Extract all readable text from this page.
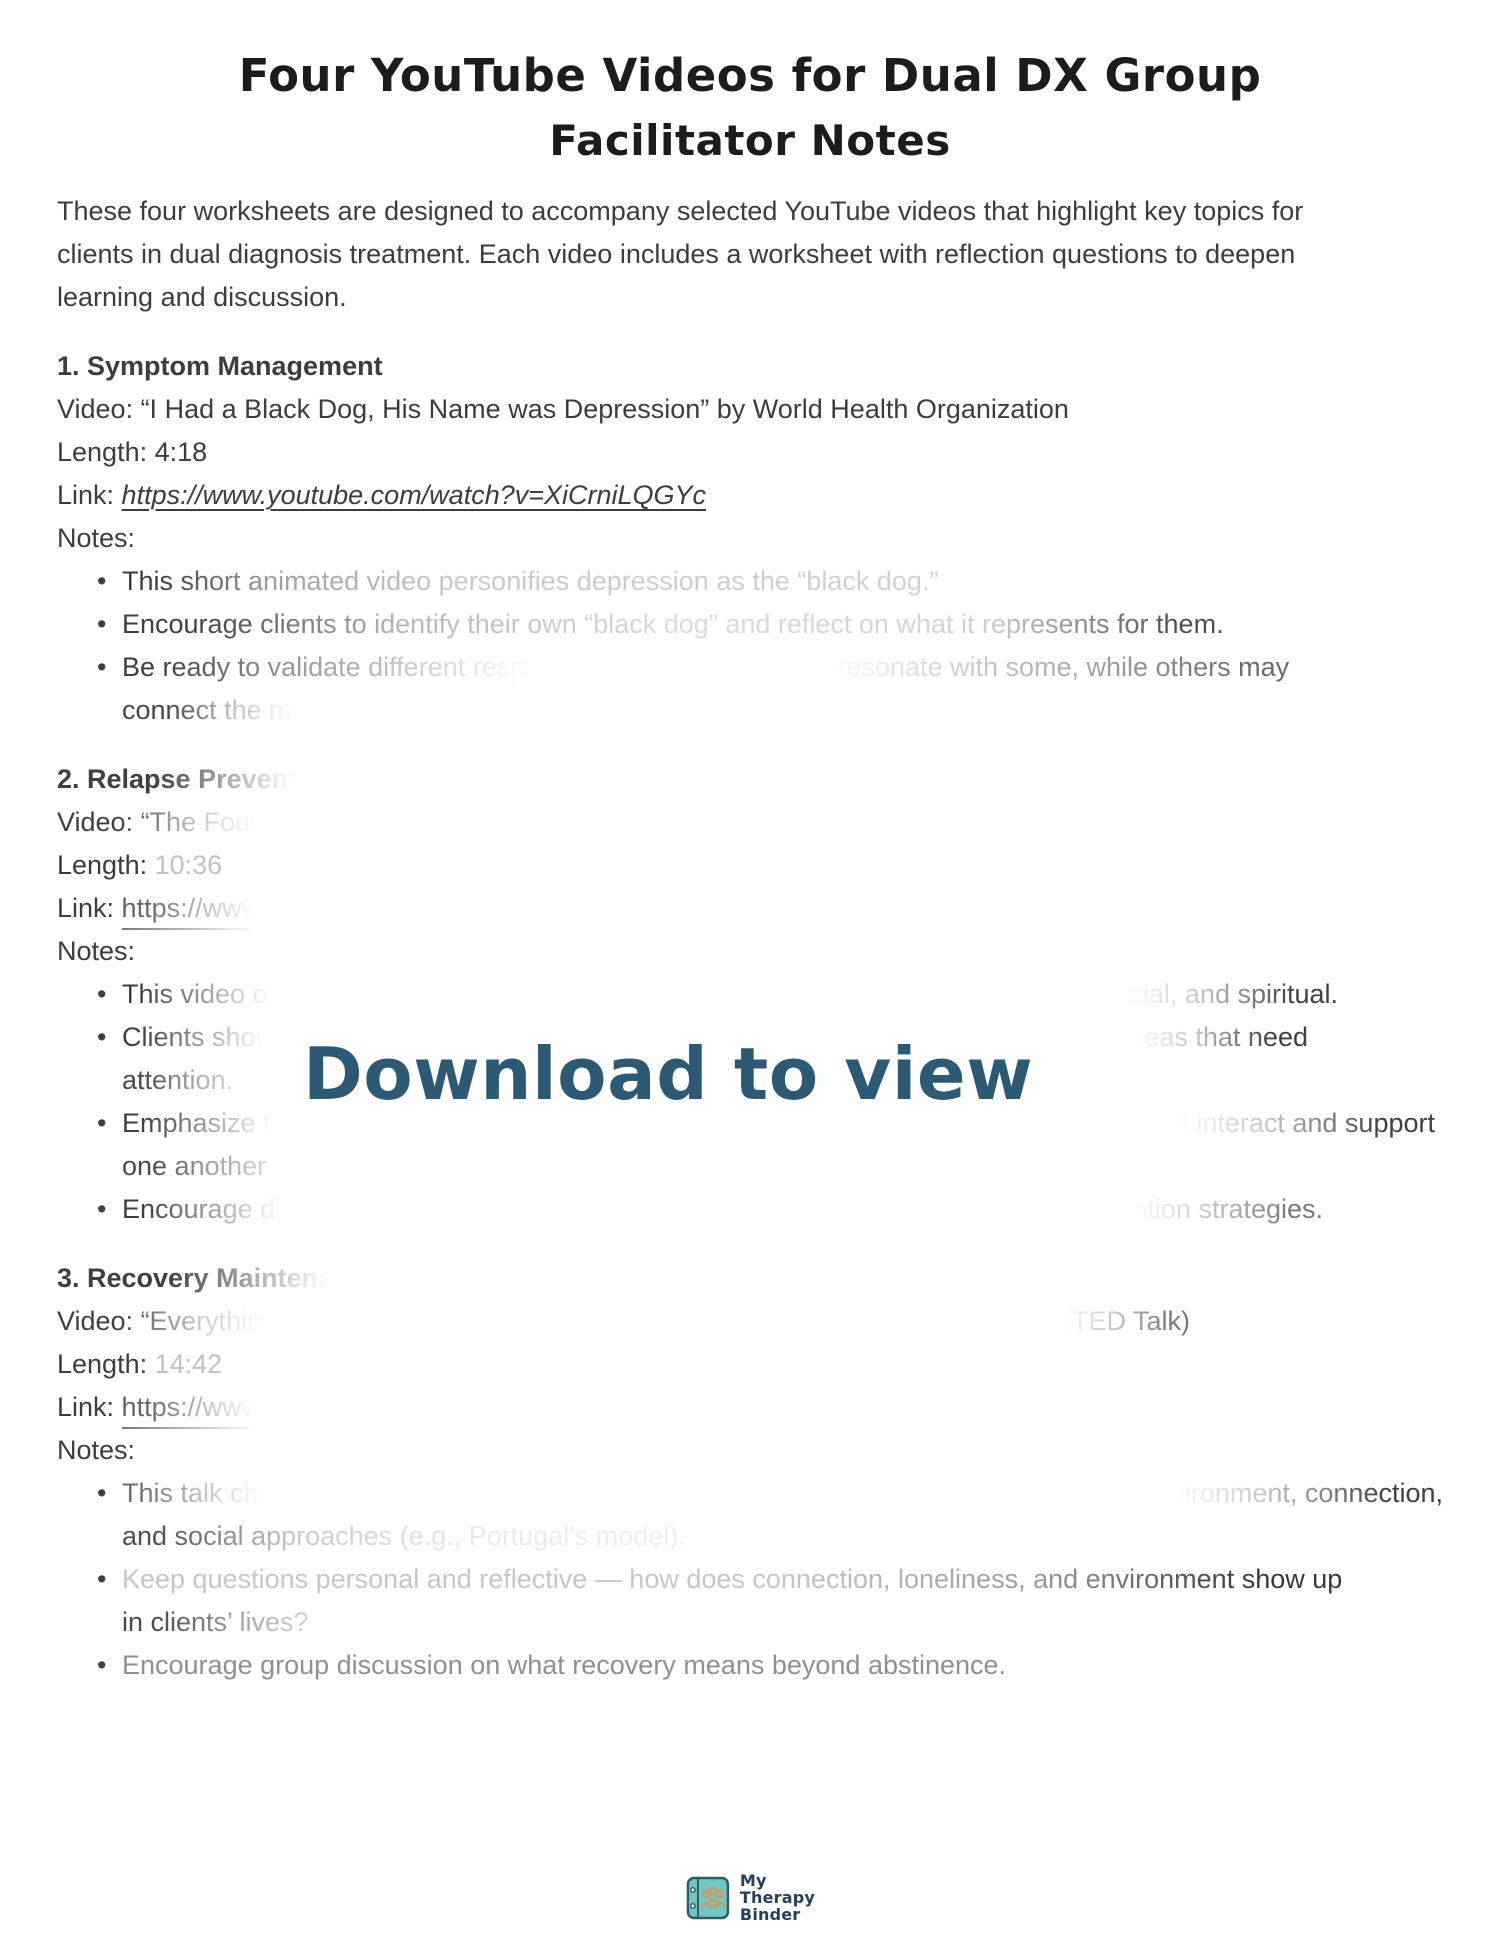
Four YouTube Videos for Dual DX Group
Facilitator Notes
These four worksheets are designed to accompany selected YouTube videos that highlight key topics for
clients in dual diagnosis treatment. Each video includes a worksheet with reflection questions to deepen
learning and discussion.
1. Symptom Management
Video: “I Had a Black Dog, His Name was Depression” by World Health Organization
Length: 4:18
Link: https://www.youtube.com/watch?v=XiCrniLQGYc
Notes:
• This short animated video personifies depression as the “black dog.”
• Encourage clients to identify their own “black dog” and reflect on what it represents for them.
• Be ready to validate different responses — depression may resonate with some, while others may
connect the m
2. Relapse Prevention
Video: “The Four
Length: 10:36
Link: https://www
Notes:
• This video ou	cial, and spiritual.
• Clients shoul	reas that need
attention.
• Emphasize th	ll interact and support
one another
• Encourage dis	ntion strategies.
3. Recovery Maintenance
Video: “Everythin	(TED Talk)
Length: 14:42
Link: https://www
Notes:
• This talk chall	vironment, connection,
and social approaches (e.g., Portugal’s model).
• Keep questions personal and reflective — how does connection, loneliness, and environment show up
in clients’ lives?
• Encourage group discussion on what recovery means beyond abstinence.
Download to view
My
Therapy
Binder
